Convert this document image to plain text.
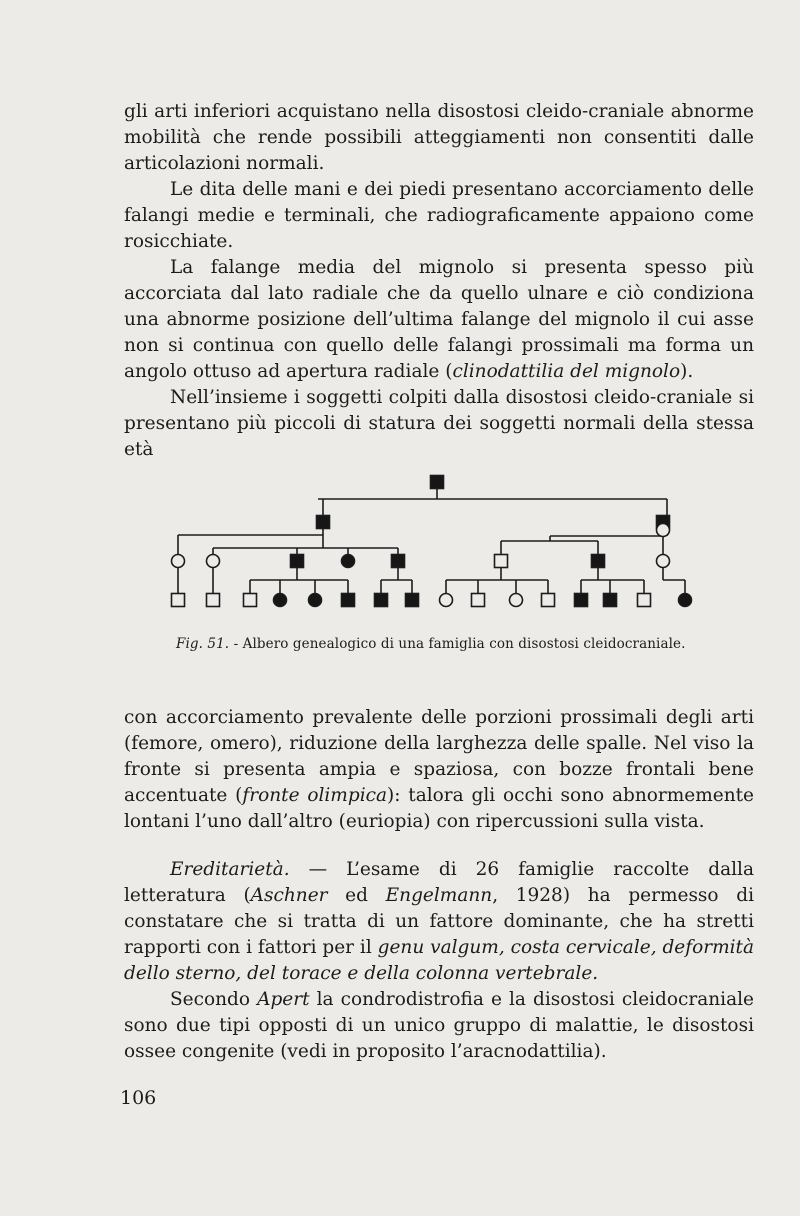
gli arti inferiori acquistano nella disostosi cleido-craniale abnorme mobilità che rende possibili atteggiamenti non consentiti dalle articolazioni normali.

Le dita delle mani e dei piedi presentano accorciamento delle falangi medie e terminali, che radiograficamente appaiono come rosicchiate.

La falange media del mignolo si presenta spesso più accorciata dal lato radiale che da quello ulnare e ciò condiziona una abnorme posizione dell’ultima falange del mignolo il cui asse non si continua con quello delle falangi prossimali ma forma un angolo ottuso ad apertura radiale (clinodattilia del mignolo).

Nell’insieme i soggetti colpiti dalla disostosi cleido-craniale si presentano più piccoli di statura dei soggetti normali della stessa età

Fig. 51. - Albero genealogico di una famiglia con disostosi cleidocraniale.

con accorciamento prevalente delle porzioni prossimali degli arti (femore, omero), riduzione della larghezza delle spalle. Nel viso la fronte si presenta ampia e spaziosa, con bozze frontali bene accentuate (fronte olimpica): talora gli occhi sono abnormemente lontani l’uno dall’altro (euriopia) con ripercussioni sulla vista.

Ereditarietà. — L’esame di 26 famiglie raccolte dalla letteratura (Aschner ed Engelmann, 1928) ha permesso di constatare che si tratta di un fattore dominante, che ha stretti rapporti con i fattori per il genu valgum, costa cervicale, deformità dello sterno, del torace e della colonna vertebrale.

Secondo Apert la condrodistrofia e la disostosi cleidocraniale sono due tipi opposti di un unico gruppo di malattie, le disostosi ossee congenite (vedi in proposito l’aracnodattilia).

106
